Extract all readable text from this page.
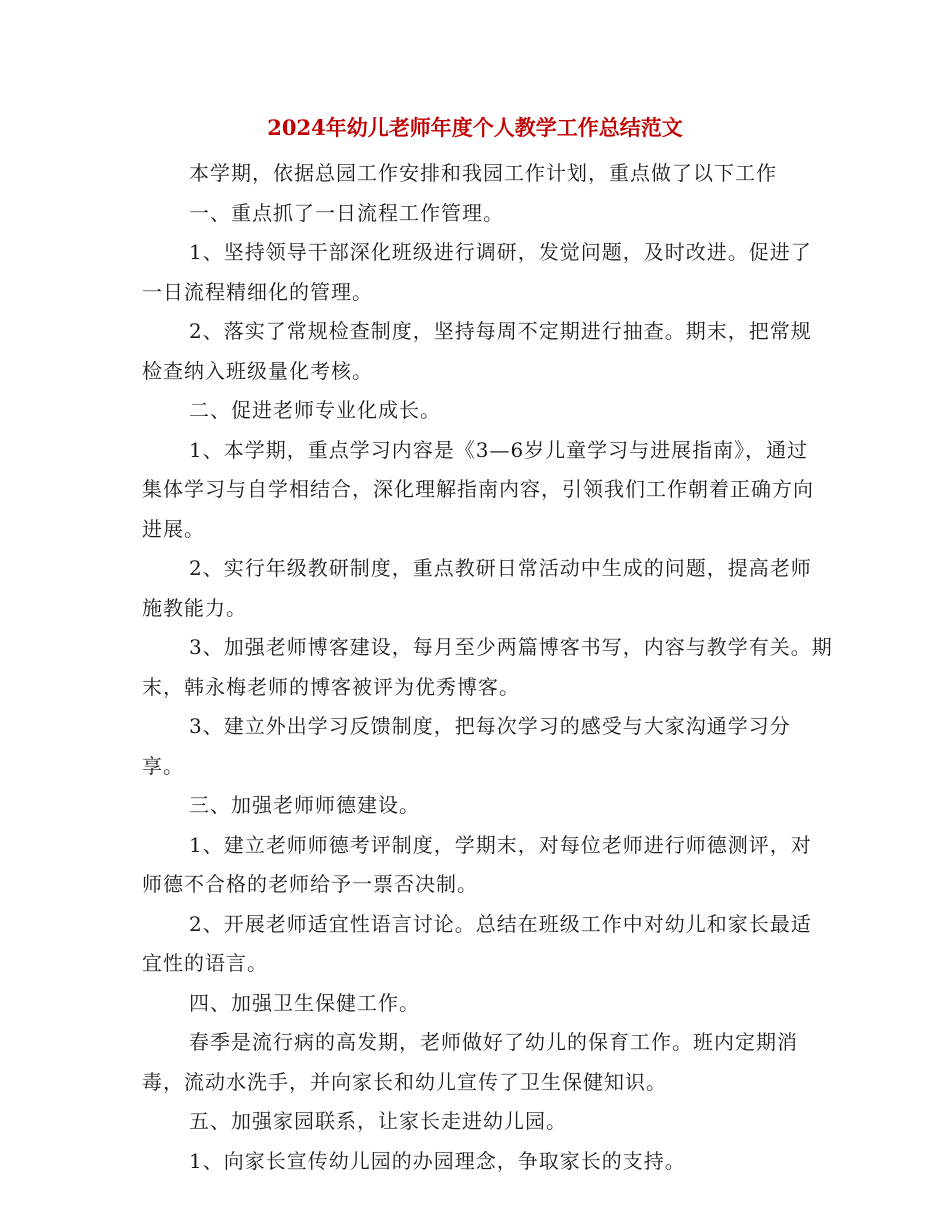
2024年幼儿老师年度个人教学工作总结范文

本学期，依据总园工作安排和我园工作计划，重点做了以下工作

一、重点抓了一日流程工作管理。

1、坚持领导干部深化班级进行调研，发觉问题，及时改进。促进了一日流程精细化的管理。

2、落实了常规检查制度，坚持每周不定期进行抽查。期末，把常规检查纳入班级量化考核。

二、促进老师专业化成长。

1、本学期，重点学习内容是《3—6岁儿童学习与进展指南》，通过集体学习与自学相结合，深化理解指南内容，引领我们工作朝着正确方向进展。

2、实行年级教研制度，重点教研日常活动中生成的问题，提高老师施教能力。

3、加强老师博客建设，每月至少两篇博客书写，内容与教学有关。期末，韩永梅老师的博客被评为优秀博客。

3、建立外出学习反馈制度，把每次学习的感受与大家沟通学习分享。

三、加强老师师德建设。

1、建立老师师德考评制度，学期末，对每位老师进行师德测评，对师德不合格的老师给予一票否决制。

2、开展老师适宜性语言讨论。总结在班级工作中对幼儿和家长最适宜性的语言。

四、加强卫生保健工作。

春季是流行病的高发期，老师做好了幼儿的保育工作。班内定期消毒，流动水洗手，并向家长和幼儿宣传了卫生保健知识。

五、加强家园联系，让家长走进幼儿园。

1、向家长宣传幼儿园的办园理念，争取家长的支持。
